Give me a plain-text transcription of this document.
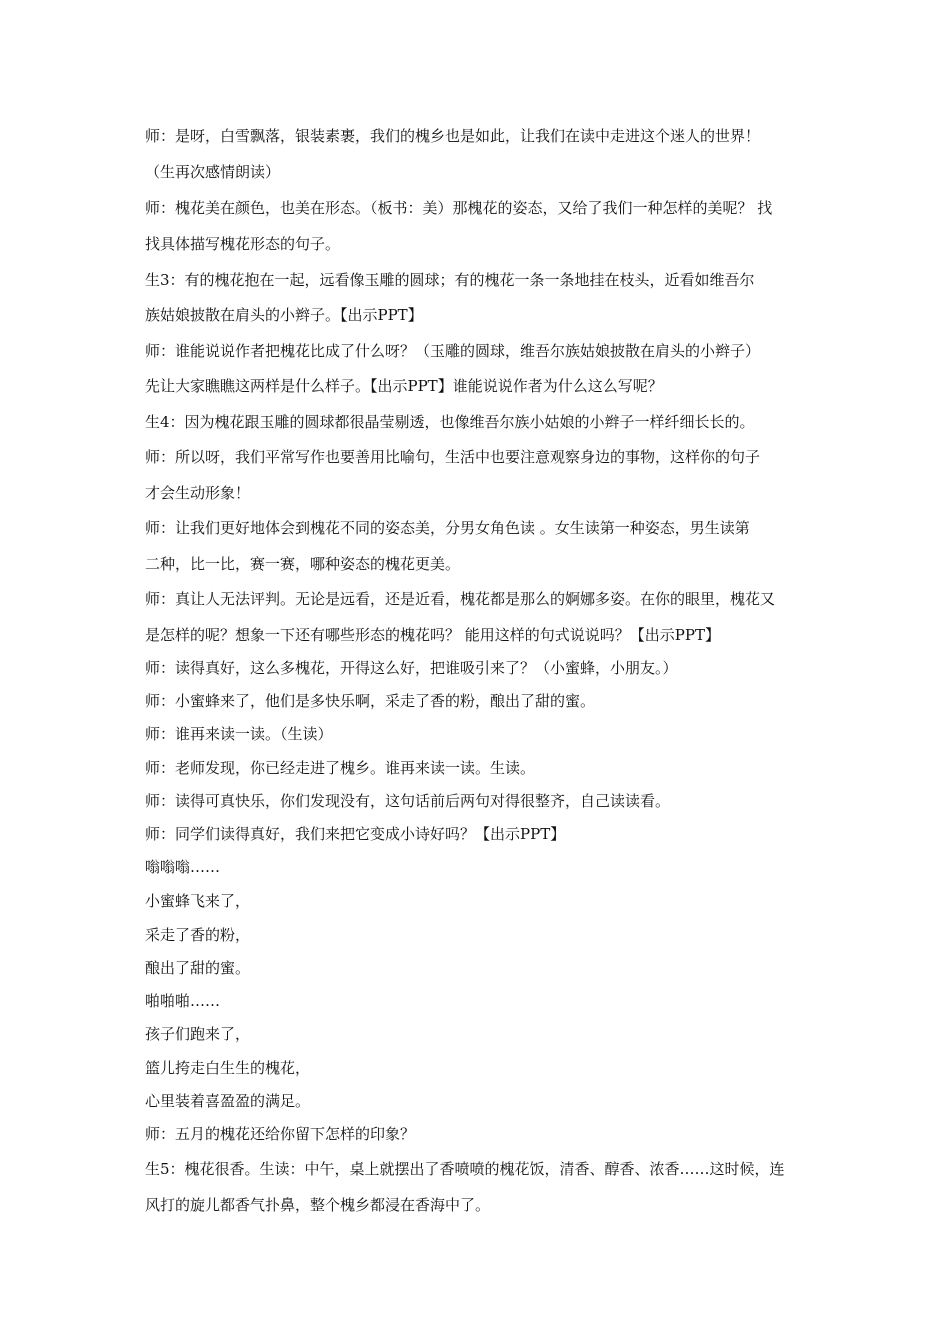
师：是呀，白雪飘落，银装素裹，我们的槐乡也是如此，让我们在读中走进这个迷人的世界！
（生再次感情朗读）
师：槐花美在颜色，也美在形态。（板书：美）那槐花的姿态，又给了我们一种怎样的美呢？ 找
找具体描写槐花形态的句子。
生3：有的槐花抱在一起，远看像玉雕的圆球；有的槐花一条一条地挂在枝头，近看如维吾尔
族姑娘披散在肩头的小辫子。【出示PPT】
师：谁能说说作者把槐花比成了什么呀？（玉雕的圆球，维吾尔族姑娘披散在肩头的小辫子）
先让大家瞧瞧这两样是什么样子。【出示PPT】谁能说说作者为什么这么写呢？
生4：因为槐花跟玉雕的圆球都很晶莹剔透，也像维吾尔族小姑娘的小辫子一样纤细长长的。
师：所以呀，我们平常写作也要善用比喻句，生活中也要注意观察身边的事物，这样你的句子
才会生动形象！
师：让我们更好地体会到槐花不同的姿态美，分男女角色读 。女生读第一种姿态，男生读第
二种，比一比，赛一赛，哪种姿态的槐花更美。
师：真让人无法评判。无论是远看，还是近看，槐花都是那么的婀娜多姿。在你的眼里，槐花又
是怎样的呢？想象一下还有哪些形态的槐花吗？ 能用这样的句式说说吗？【出示PPT】
师：读得真好，这么多槐花，开得这么好，把谁吸引来了？（小蜜蜂，小朋友。）
师：小蜜蜂来了，他们是多快乐啊，采走了香的粉，酿出了甜的蜜。
师：谁再来读一读。（生读）
师：老师发现，你已经走进了槐乡。谁再来读一读。生读。
师：读得可真快乐，你们发现没有，这句话前后两句对得很整齐，自己读读看。
师：同学们读得真好，我们来把它变成小诗好吗？【出示PPT】
嗡嗡嗡……
小蜜蜂飞来了，
采走了香的粉，
酿出了甜的蜜。
啪啪啪……
孩子们跑来了，
篮儿挎走白生生的槐花，
心里装着喜盈盈的满足。
师：五月的槐花还给你留下怎样的印象？
生5：槐花很香。生读：中午，桌上就摆出了香喷喷的槐花饭，清香、醇香、浓香……这时候，连
风打的旋儿都香气扑鼻，整个槐乡都浸在香海中了。
